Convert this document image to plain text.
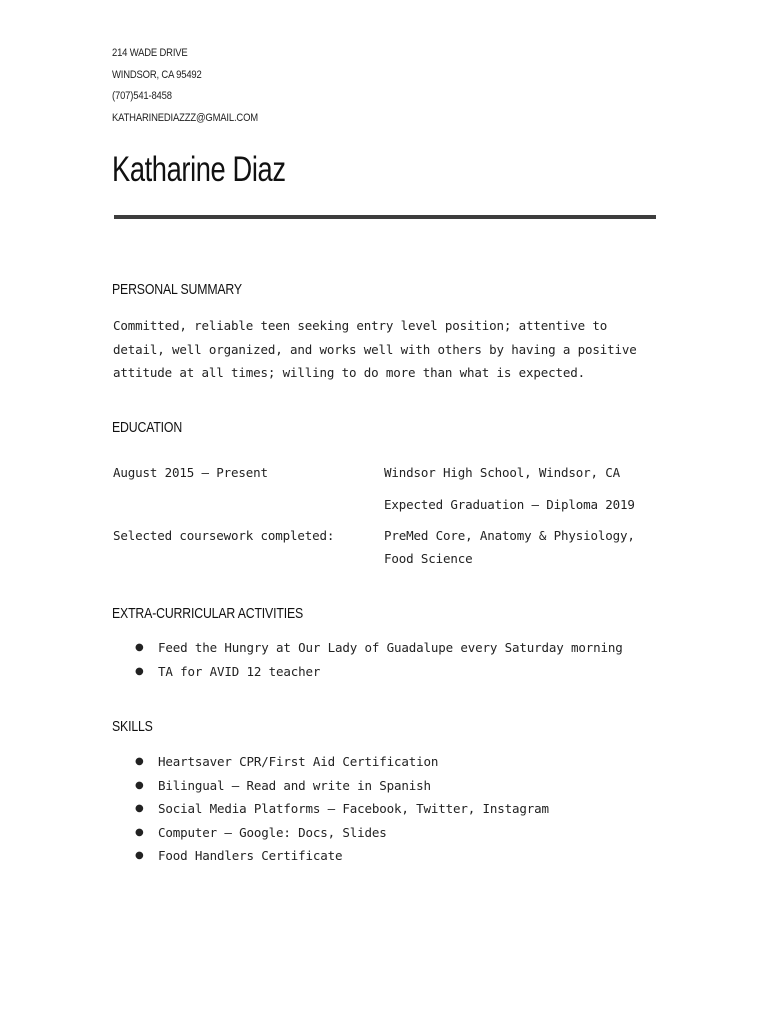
214 WADE DRIVE
WINDSOR, CA 95492
(707)541-8458
KATHARINEDIAZZZ@GMAIL.COM
Katharine Diaz
PERSONAL SUMMARY
Committed, reliable teen seeking entry level position; attentive to
detail, well organized, and works well with others by having a positive
attitude at all times; willing to do more than what is expected.
EDUCATION
August 2015 – Present	Windsor High School, Windsor, CA
Expected Graduation – Diploma 2019
Selected coursework completed:	PreMed Core, Anatomy & Physiology,
Food Science
EXTRA-CURRICULAR ACTIVITIES
● Feed the Hungry at Our Lady of Guadalupe every Saturday morning
● TA for AVID 12 teacher
SKILLS
● Heartsaver CPR/First Aid Certification
● Bilingual – Read and write in Spanish
● Social Media Platforms – Facebook, Twitter, Instagram
● Computer – Google: Docs, Slides
● Food Handlers Certificate
